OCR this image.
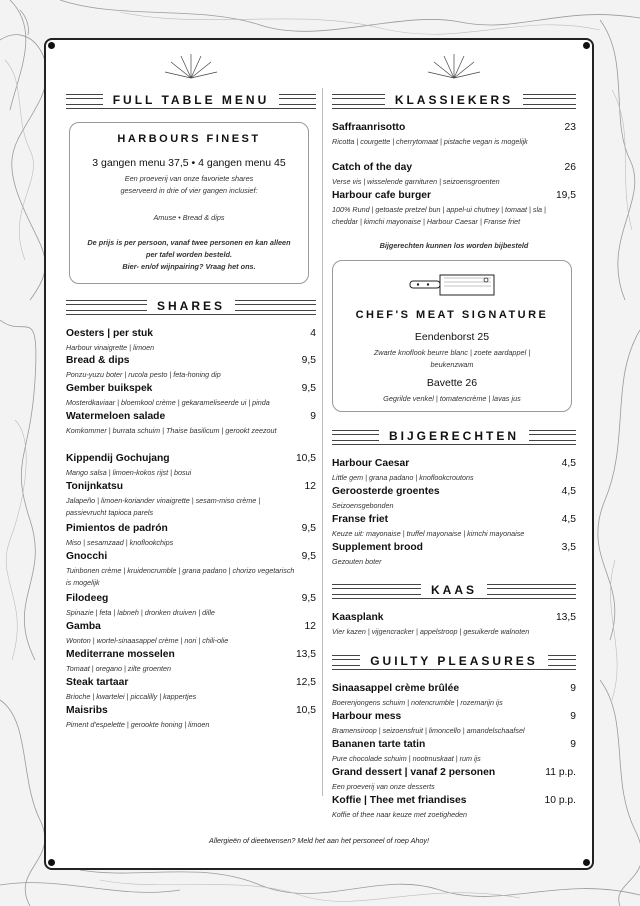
FULL TABLE MENU
HARBOURS FINEST
3 gangen menu 37,5 • 4 gangen menu 45
Een proeverij van onze favoriete shares
geserveerd in drie of vier gangen inclusief:
Amuse • Bread & dips
De prijs is per persoon, vanaf twee personen en kan alleen
per tafel worden besteld.
Bier- en/of wijnpairing? Vraag het ons.
SHARES
Oesters | per stuk	4
Harbour vinaigrette | limoen
Bread & dips	9,5
Ponzu-yuzu boter | rucola pesto | feta-honing dip
Gember buikspek	9,5
Mosterdkaviaar | bloemkool crème | gekarameliseerde ui | pinda
Watermeloen salade	9
Komkommer | burrata schuim | Thaise basilicum | gerookt zeezout
Kippendij Gochujang	10,5
Mango salsa | limoen-kokos rijst | bosui
Tonijnkatsu	12
Jalapeño | limoen-koriander vinaigrette | sesam-miso crème | passievrucht tapioca parels
Pimientos de padrón	9,5
Miso | sesamzaad | knoflookchips
Gnocchi	9,5
Tuinbonen crème | kruidencrumble | grana padano | chorizo vegetarisch is mogelijk
Filodeeg	9,5
Spinazie | feta | labneh | dronken druiven | dille
Gamba	12
Wonton | wortel-sinaasappel crème | nori | chili-olie
Mediterrane mosselen	13,5
Tomaat | oregano | zilte groenten
Steak tartaar	12,5
Brioche | kwartelei | piccalilly | kappertjes
Maisribs	10,5
Piment d'espelette | gerookte honing | limoen
KLASSIEKERS
Saffraanrisotto	23
Ricotta | courgette | cherrytomaat | pistache vegan is mogelijk
Catch of the day	26
Verse vis | wisselende garnituren | seizoensgroenten
Harbour cafe burger	19,5
100% Rund | getoaste pretzel bun | appel-ui chutney | tomaat | sla | cheddar | kimchi mayonaise | Harbour Caesar | Franse friet
Bijgerechten kunnen los worden bijbesteld
CHEF'S MEAT SIGNATURE
Eendenborst 25
Zwarte knoflook beurre blanc | zoete aardappel |
beukenzwam
Bavette 26
Gegrilde venkel | tomatencrème | lavas jus
BIJGERECHTEN
Harbour Caesar	4,5
Little gem | grana padano | knoflookcroutons
Geroosterde groentes	4,5
Seizoensgebonden
Franse friet	4,5
Keuze uit: mayonaise | truffel mayonaise | kimchi mayonaise
Supplement brood	3,5
Gezouten boter
KAAS
Kaasplank	13,5
Vier kazen | vijgencracker | appelstroop | gesuikerde walnoten
GUILTY PLEASURES
Sinaasappel crème brûlée	9
Boerenjongens schuim | notencrumble | rozemarijn ijs
Harbour mess	9
Bramensiroop | seizoensfruit | limoncello | amandelschaafsel
Bananen tarte tatin	9
Pure chocolade schuim | nootmuskaat | rum ijs
Grand dessert | vanaf 2 personen	11 p.p.
Een proeverij van onze desserts
Koffie | Thee met friandises	10 p.p.
Koffie of thee naar keuze met zoetigheden
Allergieën of dieetwensen? Meld het aan het personeel of roep Ahoy!
